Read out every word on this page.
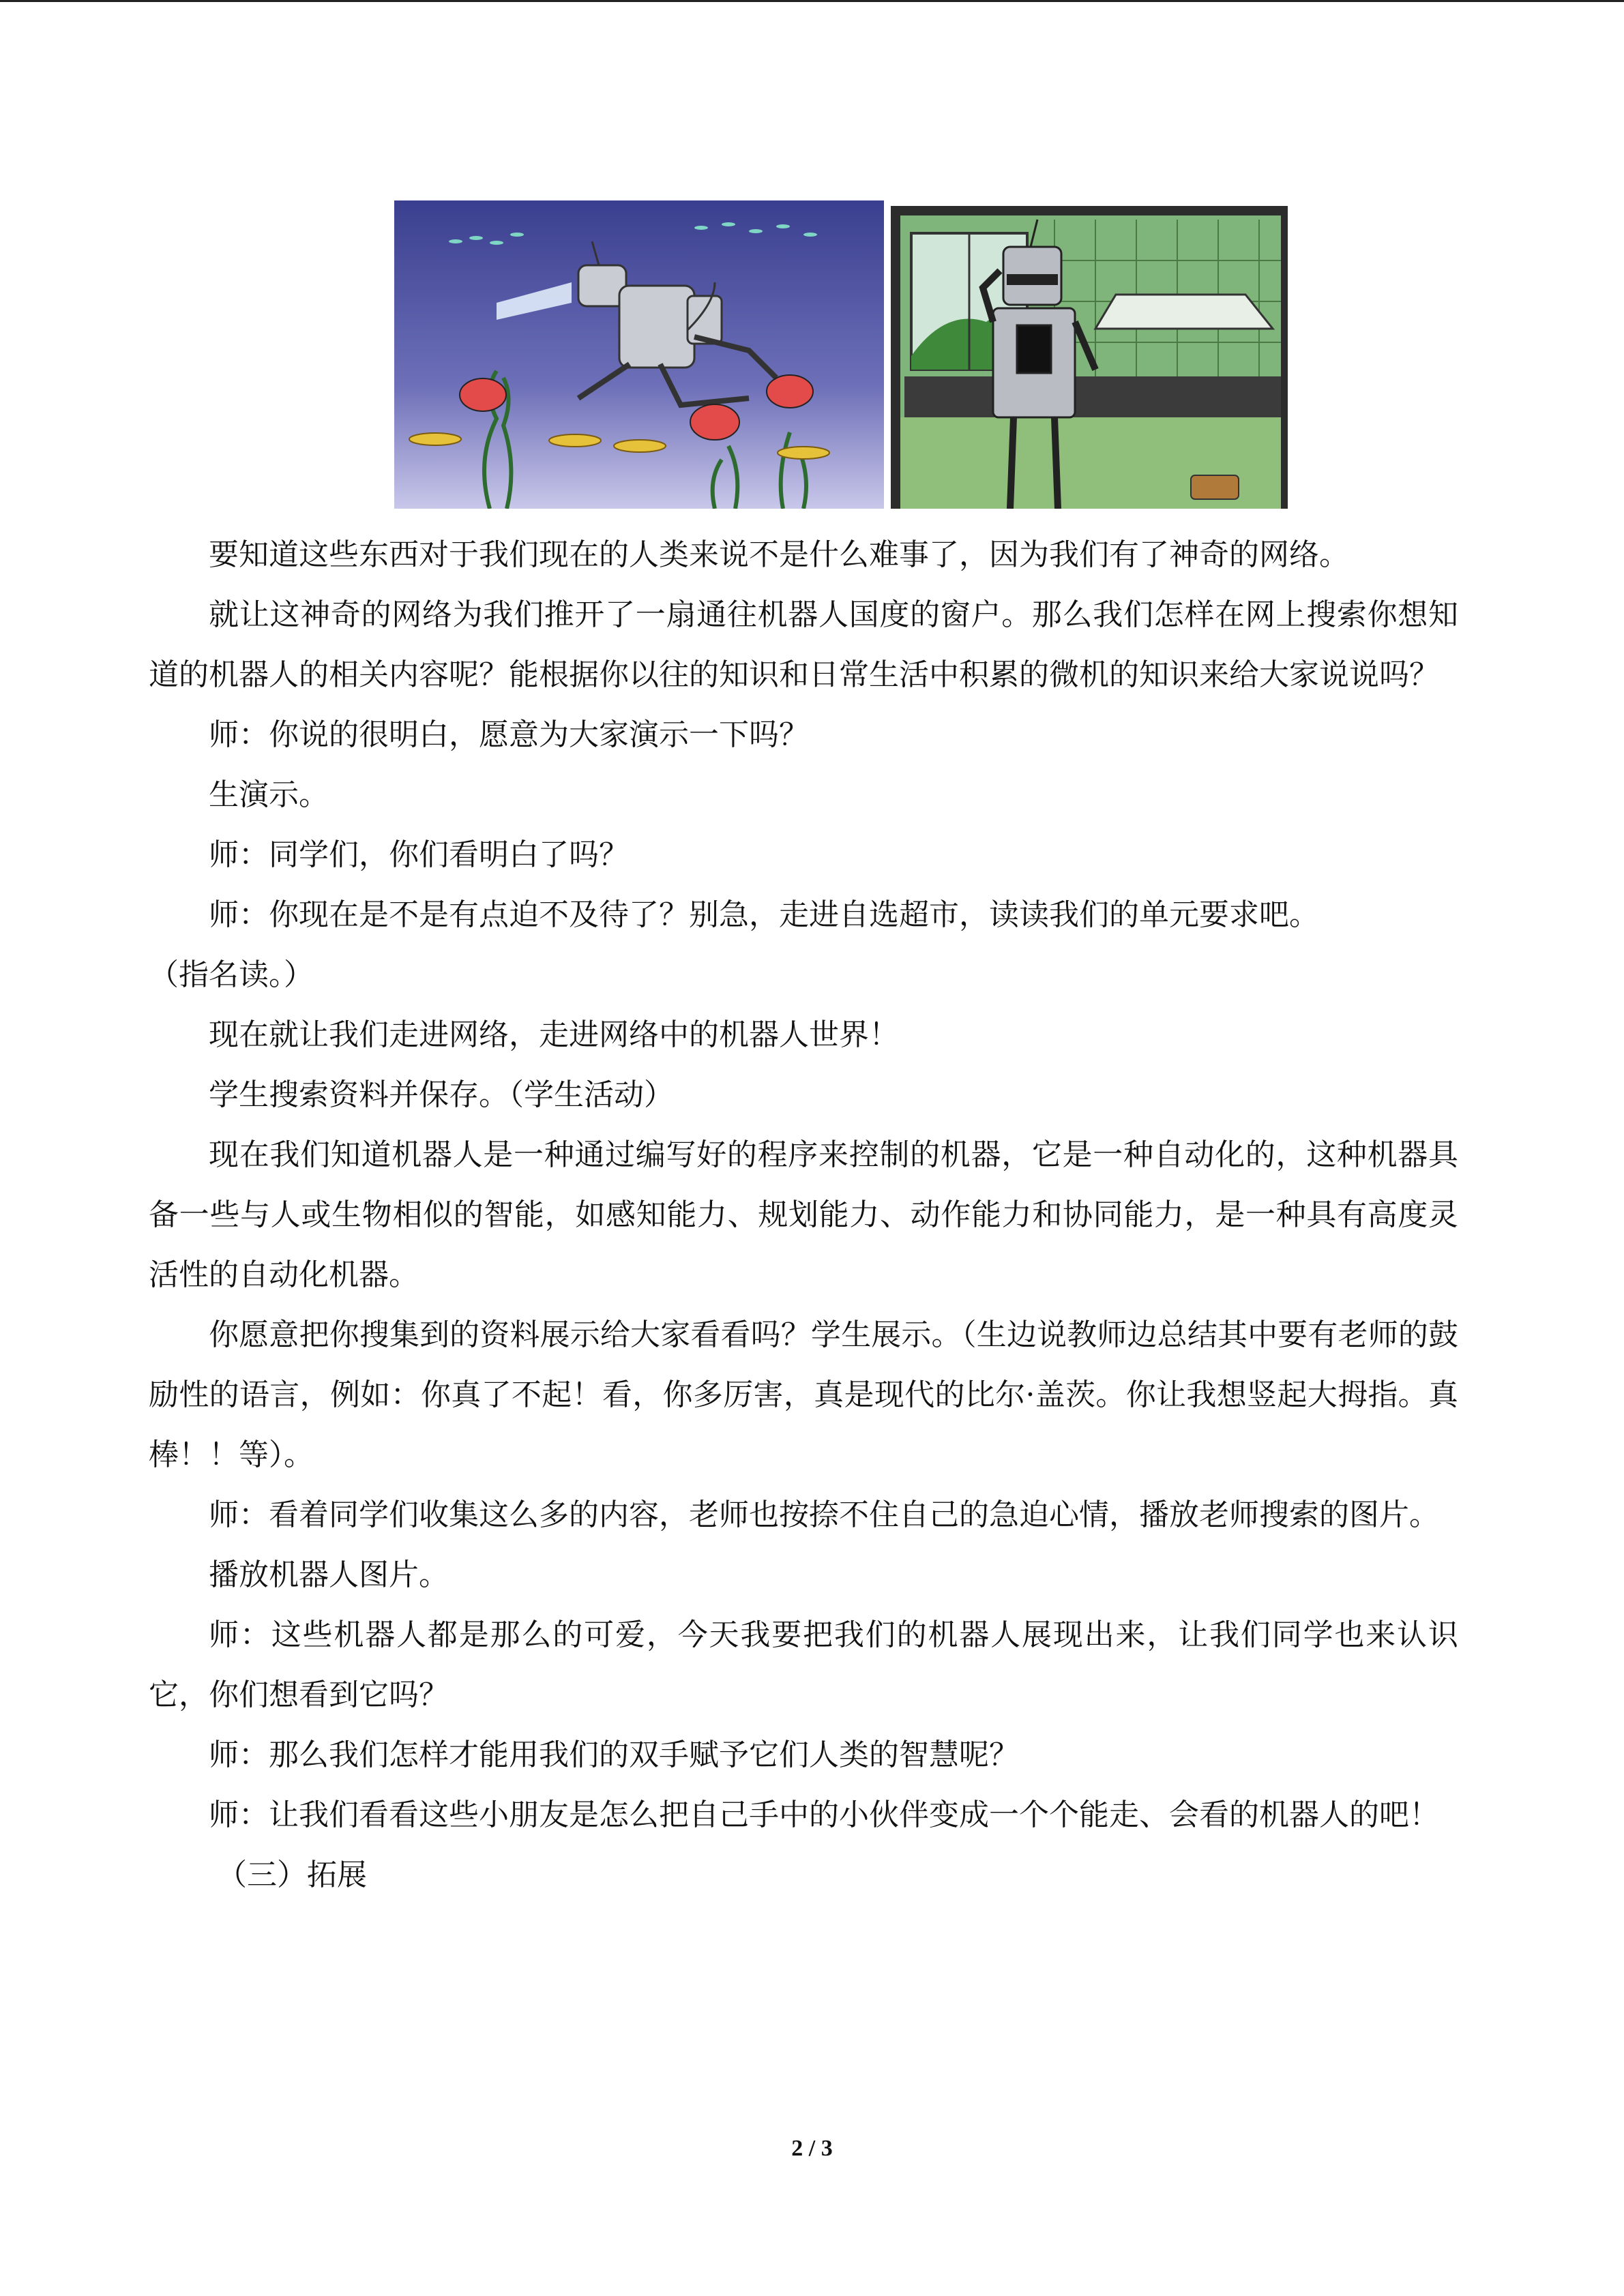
要知道这些东西对于我们现在的人类来说不是什么难事了，因为我们有了神奇的网络。

就让这神奇的网络为我们推开了一扇通往机器人国度的窗户。那么我们怎样在网上搜索你想知道的机器人的相关内容呢？能根据你以往的知识和日常生活中积累的微机的知识来给大家说说吗？

师：你说的很明白，愿意为大家演示一下吗？

生演示。

师：同学们，你们看明白了吗？

师：你现在是不是有点迫不及待了？别急，走进自选超市，读读我们的单元要求吧。

（指名读。）

现在就让我们走进网络，走进网络中的机器人世界！

学生搜索资料并保存。（学生活动）

现在我们知道机器人是一种通过编写好的程序来控制的机器，它是一种自动化的，这种机器具备一些与人或生物相似的智能，如感知能力、规划能力、动作能力和协同能力，是一种具有高度灵活性的自动化机器。

你愿意把你搜集到的资料展示给大家看看吗？学生展示。（生边说教师边总结其中要有老师的鼓励性的语言，例如：你真了不起！看，你多厉害，真是现代的比尔·盖茨。你让我想竖起大拇指。真棒！！等）。

师：看着同学们收集这么多的内容，老师也按捺不住自己的急迫心情，播放老师搜索的图片。

播放机器人图片。

师：这些机器人都是那么的可爱，今天我要把我们的机器人展现出来，让我们同学也来认识它，你们想看到它吗？

师：那么我们怎样才能用我们的双手赋予它们人类的智慧呢？

师：让我们看看这些小朋友是怎么把自己手中的小伙伴变成一个个能走、会看的机器人的吧！

（三）拓展

2 / 3
